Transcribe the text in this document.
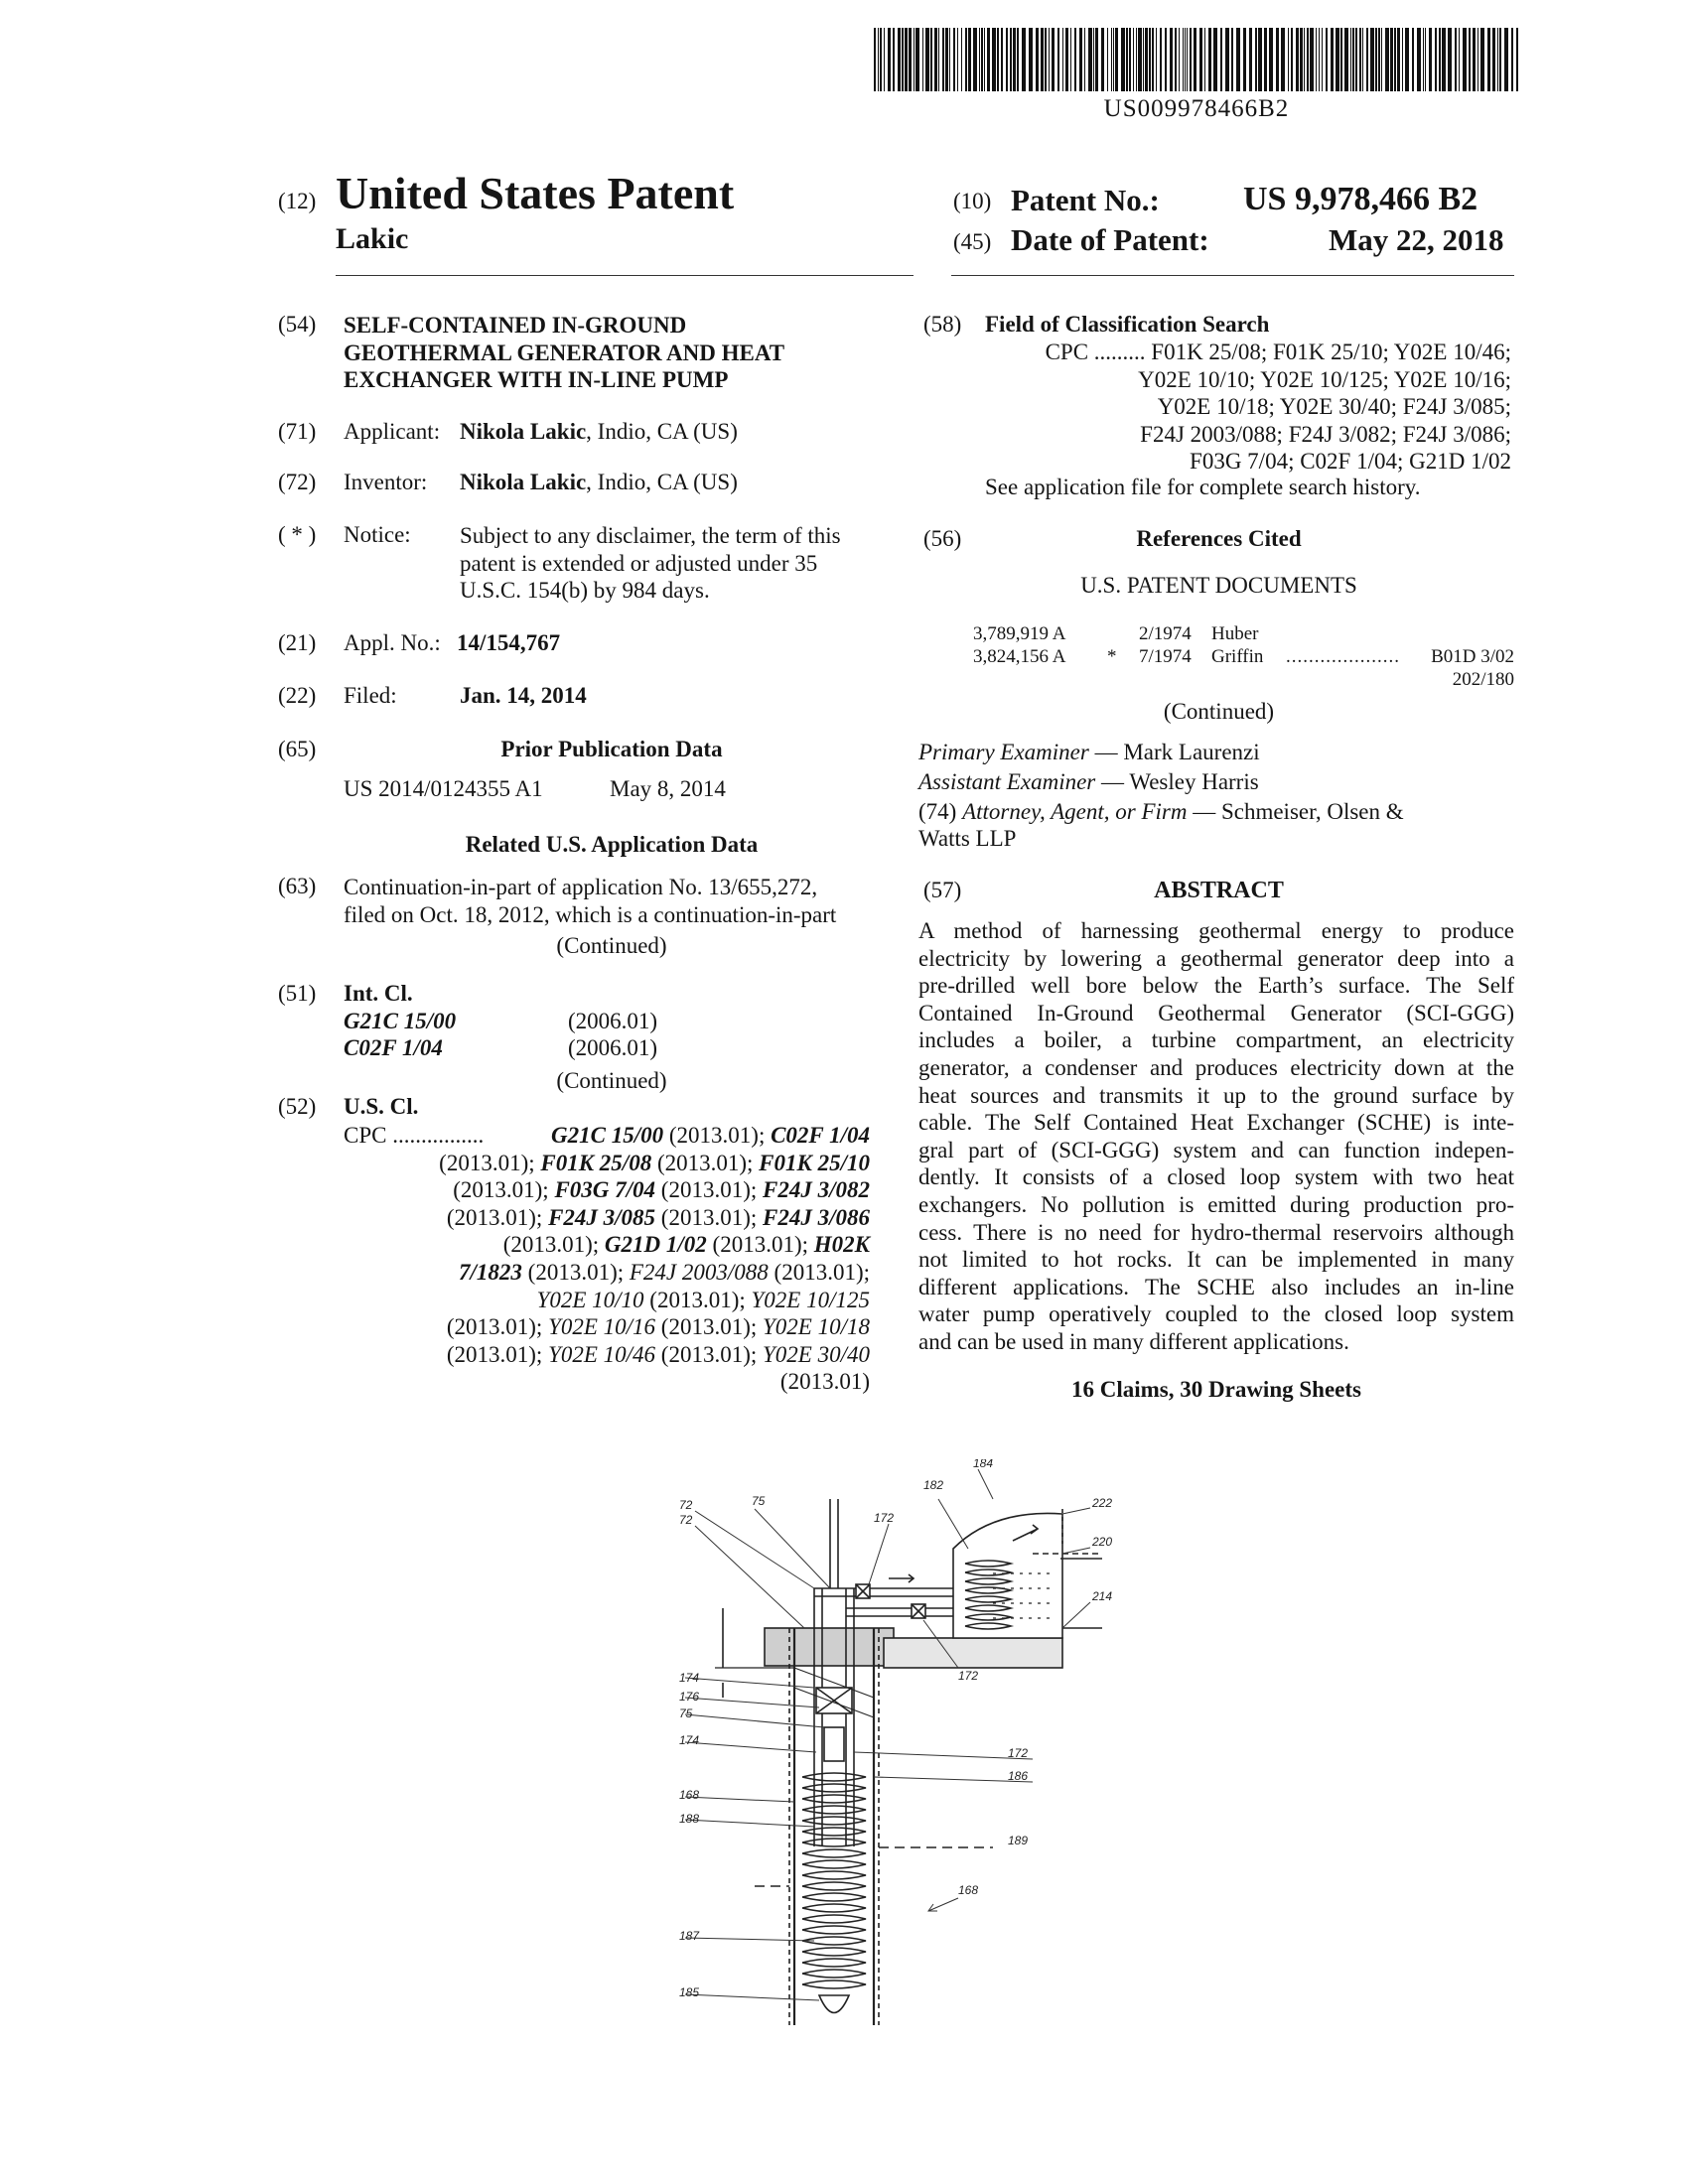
US009978466B2
(12) United States Patent
Lakic
(10) Patent No.: US 9,978,466 B2
(45) Date of Patent:	May 22, 2018
(54) SELF-CONTAINED IN-GROUND
GEOTHERMAL GENERATOR AND HEAT
EXCHANGER WITH IN-LINE PUMP
(71) Applicant: Nikola Lakic, Indio, CA (US)
(72) Inventor: Nikola Lakic, Indio, CA (US)
( * ) Notice: Subject to any disclaimer, the term of this
patent is extended or adjusted under 35
U.S.C. 154(b) by 984 days.
(21) Appl. No.: 14/154,767
(22) Filed:	Jan. 14, 2014
(65)	Prior Publication Data
US 2014/0124355 A1	May 8, 2014
Related U.S. Application Data
(63) Continuation-in-part of application No. 13/655,272,
filed on Oct. 18, 2012, which is a continuation-in-part
(Continued)
(51) Int. Cl.
G21C 15/00	(2006.01)
C02F 1/04	(2006.01)
(Continued)
(52) U.S. Cl.
CPC ................	G21C 15/00 (2013.01); C02F 1/04
(2013.01); F01K 25/08 (2013.01); F01K 25/10
(2013.01); F03G 7/04 (2013.01); F24J 3/082
(2013.01); F24J 3/085 (2013.01); F24J 3/086
(2013.01); G21D 1/02 (2013.01); H02K
7/1823 (2013.01); F24J 2003/088 (2013.01);
Y02E 10/10 (2013.01); Y02E 10/125
(2013.01); Y02E 10/16 (2013.01); Y02E 10/18
(2013.01); Y02E 10/46 (2013.01); Y02E 30/40
(2013.01)
(58) Field of Classification Search
CPC ......... F01K 25/08; F01K 25/10; Y02E 10/46;
Y02E 10/10; Y02E 10/125; Y02E 10/16;
Y02E 10/18; Y02E 30/40; F24J 3/085;
F24J 2003/088; F24J 3/082; F24J 3/086;
F03G 7/04; C02F 1/04; G21D 1/02
See application file for complete search history.
(56)	References Cited
U.S. PATENT DOCUMENTS
3,789,919 A	2/1974 Huber
3,824,156 A * 7/1974 Griffin .................... B01D 3/02
202/180
(Continued)
Primary Examiner — Mark Laurenzi
Assistant Examiner — Wesley Harris
(74) Attorney, Agent, or Firm — Schmeiser, Olsen &
Watts LLP
(57)	ABSTRACT
A method of harnessing geothermal energy to produce
electricity by lowering a geothermal generator deep into a
pre-drilled well bore below the Earth’s surface. The Self
Contained In-Ground Geothermal Generator (SCI-GGG)
includes a boiler, a turbine compartment, an electricity
generator, a condenser and produces electricity down at the
heat sources and transmits it up to the ground surface by
cable. The Self Contained Heat Exchanger (SCHE) is inte-
gral part of (SCI-GGG) system and can function indepen-
dently. It consists of a closed loop system with two heat
exchangers. No pollution is emitted during production pro-
cess. There is no need for hydro-thermal reservoirs although
not limited to hot rocks. It can be implemented in many
different applications. The SCHE also includes an in-line
water pump operatively coupled to the closed loop system
and can be used in many different applications.
16 Claims, 30 Drawing Sheets
72	75
72	172
182
184
222
220
214
172
174
176
75
174
172
186
168
188
189
168
187
185
